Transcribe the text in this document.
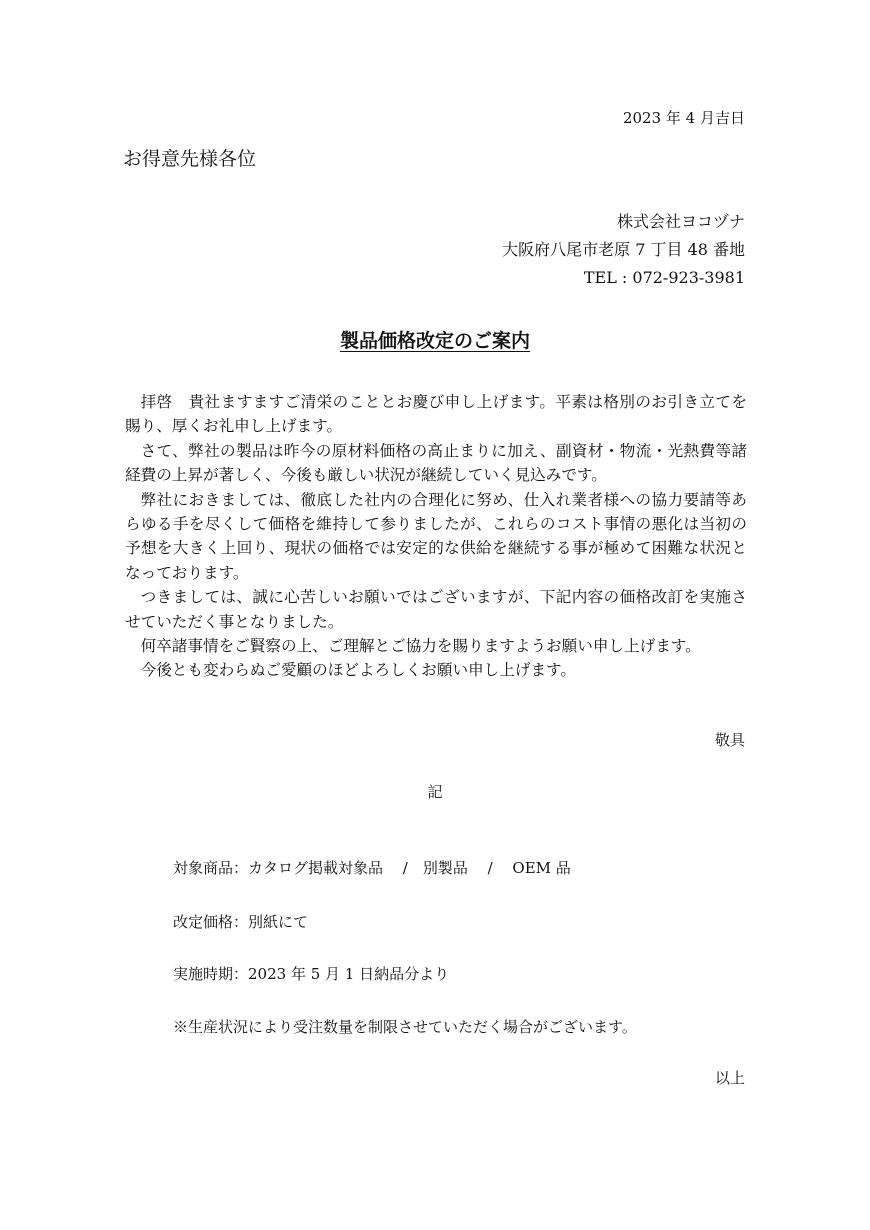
2023 年 4 月吉日
お得意先様各位
株式会社ヨコヅナ
大阪府八尾市老原 7 丁目 48 番地
TEL : 072-923-3981
製品価格改定のご案内

拝啓　貴社ますますご清栄のこととお慶び申し上げます。平素は格別のお引き立てを賜り、厚くお礼申し上げます。

さて、弊社の製品は昨今の原材料価格の高止まりに加え、副資材・物流・光熱費等諸経費の上昇が著しく、今後も厳しい状況が継続していく見込みです。

弊社におきましては、徹底した社内の合理化に努め、仕入れ業者様への協力要請等あらゆる手を尽くして価格を維持して参りましたが、これらのコスト事情の悪化は当初の予想を大きく上回り、現状の価格では安定的な供給を継続する事が極めて困難な状況となっております。

つきましては、誠に心苦しいお願いではございますが、下記内容の価格改訂を実施させていただく事となりました。

何卒諸事情をご賢察の上、ご理解とご協力を賜りますようお願い申し上げます。

今後とも変わらぬご愛顧のほどよろしくお願い申し上げます。

敬具
記
対象商品：カタログ掲載対象品　 /　別製品　 /　 OEM 品
改定価格：別紙にて
実施時期：2023 年 5 月 1 日納品分より
※生産状況により受注数量を制限させていただく場合がございます。
以上
